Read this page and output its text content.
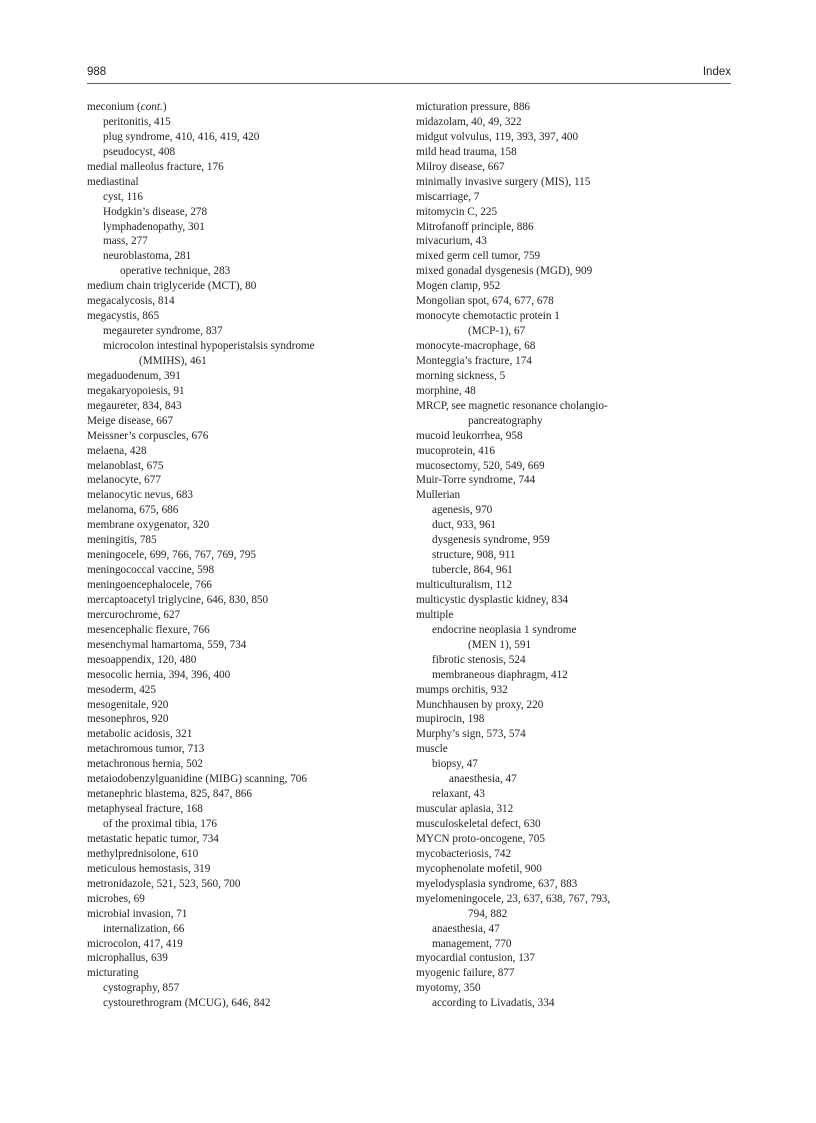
988	Index
meconium (cont.)
peritonitis, 415
plug syndrome, 410, 416, 419, 420
pseudocyst, 408
medial malleolus fracture, 176
mediastinal
cyst, 116
Hodgkin’s disease, 278
lymphadenopathy, 301
mass, 277
neuroblastoma, 281
operative technique, 283
medium chain triglyceride (MCT), 80
megacalycosis, 814
megacystis, 865
megaureter syndrome, 837
microcolon intestinal hypoperistalsis syndrome
(MMIHS), 461
megaduodenum, 391
megakaryopoiesis, 91
megaureter, 834, 843
Meige disease, 667
Meissner’s corpuscles, 676
melaena, 428
melanoblast, 675
melanocyte, 677
melanocytic nevus, 683
melanoma, 675, 686
membrane oxygenator, 320
meningitis, 785
meningocele, 699, 766, 767, 769, 795
meningococcal vaccine, 598
meningoencephalocele, 766
mercaptoacetyl triglycine, 646, 830, 850
mercurochrome, 627
mesencephalic flexure, 766
mesenchymal hamartoma, 559, 734
mesoappendix, 120, 480
mesocolic hernia, 394, 396, 400
mesoderm, 425
mesogenitale, 920
mesonephros, 920
metabolic acidosis, 321
metachromous tumor, 713
metachronous hernia, 502
metaiodobenzylguanidine (MIBG) scanning, 706
metanephric blastema, 825, 847, 866
metaphyseal fracture, 168
of the proximal tibia, 176
metastatic hepatic tumor, 734
methylprednisolone, 610
meticulous hemostasis, 319
metronidazole, 521, 523, 560, 700
microbes, 69
microbial invasion, 71
internalization, 66
microcolon, 417, 419
microphallus, 639
micturating
cystography, 857
cystourethrogram (MCUG), 646, 842
micturation pressure, 886
midazolam, 40, 49, 322
midgut volvulus, 119, 393, 397, 400
mild head trauma, 158
Milroy disease, 667
minimally invasive surgery (MIS), 115
miscarriage, 7
mitomycin C, 225
Mitrofanoff principle, 886
mivacurium, 43
mixed germ cell tumor, 759
mixed gonadal dysgenesis (MGD), 909
Mogen clamp, 952
Mongolian spot, 674, 677, 678
monocyte chemotactic protein 1
(MCP-1), 67
monocyte-macrophage, 68
Monteggia’s fracture, 174
morning sickness, 5
morphine, 48
MRCP, see magnetic resonance cholangio-
pancreatography
mucoid leukorrhea, 958
mucoprotein, 416
mucosectomy, 520, 549, 669
Muir-Torre syndrome, 744
Mullerian
agenesis, 970
duct, 933, 961
dysgenesis syndrome, 959
structure, 908, 911
tubercle, 864, 961
multiculturalism, 112
multicystic dysplastic kidney, 834
multiple
endocrine neoplasia 1 syndrome
(MEN 1), 591
fibrotic stenosis, 524
membraneous diaphragm, 412
mumps orchitis, 932
Munchhausen by proxy, 220
mupirocin, 198
Murphy’s sign, 573, 574
muscle
biopsy, 47
anaesthesia, 47
relaxant, 43
muscular aplasia, 312
musculoskeletal defect, 630
MYCN proto-oncogene, 705
mycobacteriosis, 742
mycophenolate mofetil, 900
myelodysplasia syndrome, 637, 883
myelomeningocele, 23, 637, 638, 767, 793,
794, 882
anaesthesia, 47
management, 770
myocardial contusion, 137
myogenic failure, 877
myotomy, 350
according to Livadatis, 334
